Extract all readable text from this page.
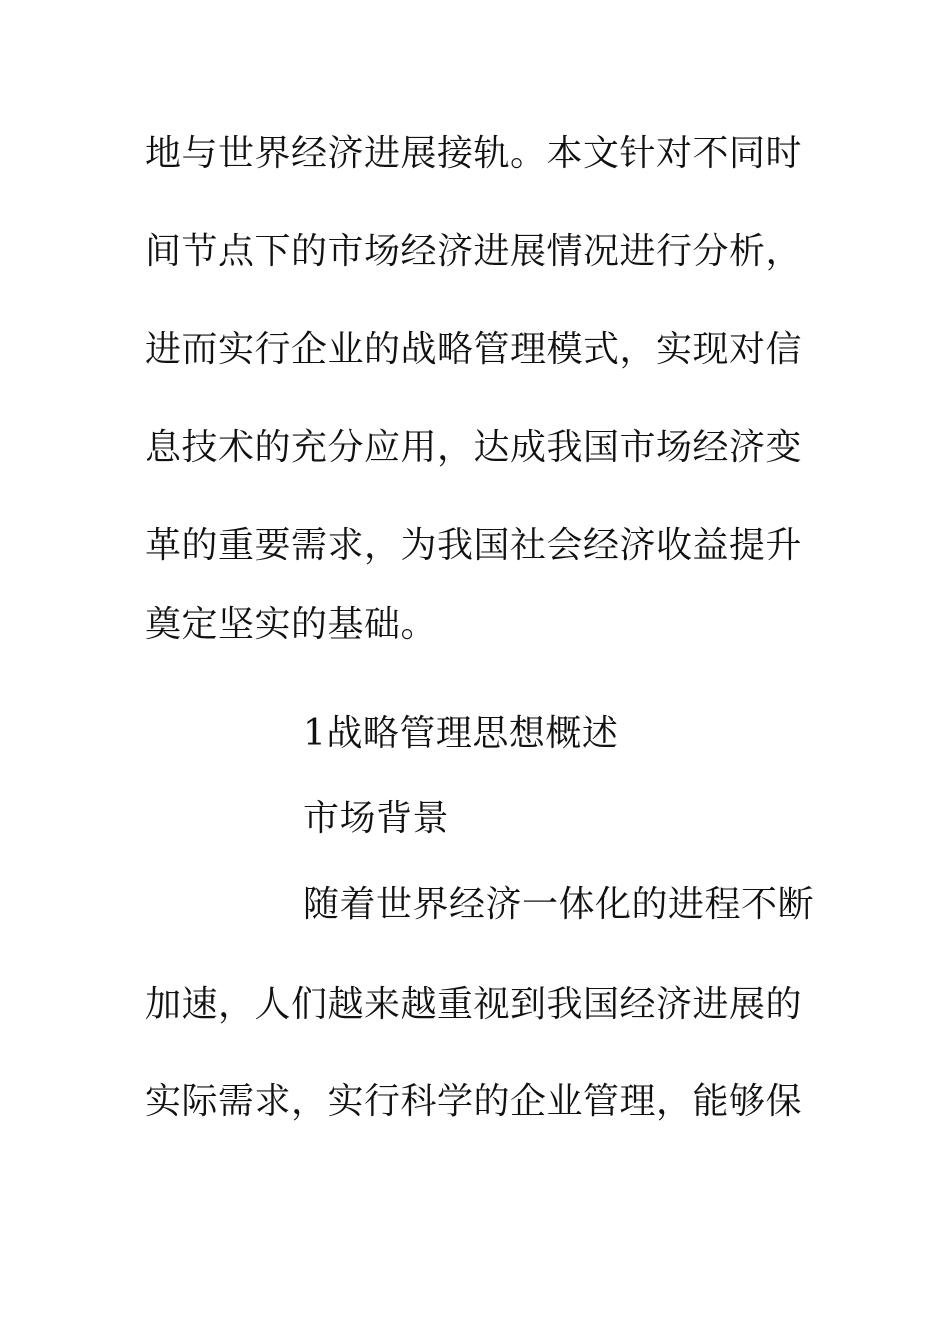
地与世界经济进展接轨。本文针对不同时
间节点下的市场经济进展情况进行分析，
进而实行企业的战略管理模式，实现对信
息技术的充分应用，达成我国市场经济变
革的重要需求，为我国社会经济收益提升
奠定坚实的基础。
1战略管理思想概述
市场背景
随着世界经济一体化的进程不断
加速，人们越来越重视到我国经济进展的
实际需求，实行科学的企业管理，能够保
